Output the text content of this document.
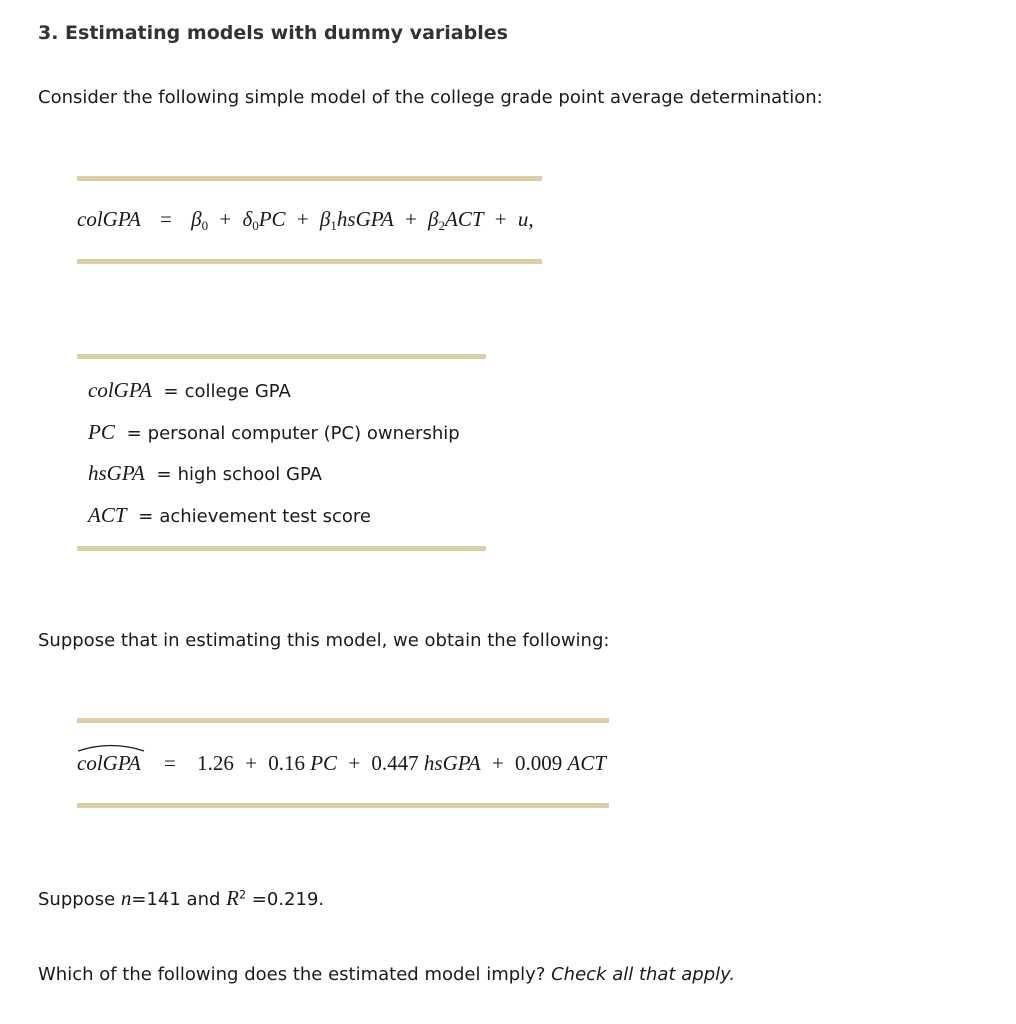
3. Estimating models with dummy variables
Consider the following simple model of the college grade point average determination:
colGPA = $\beta_0 + \delta_0PC$ + $\beta_1hsGPA + \beta_2ACT + u$,
colGPA = college GPA
PC = personal computer (PC) ownership
hsGPA = high school GPA
ACT = achievement test score
Suppose that in estimating this model, we obtain the following:
colGPA = 1.26 + 0.16 PC + 0.447 hsGPA + 0.009 ACT
Suppose n=141 and $R^2 =0.219$.
Which of the following does the estimated model imply? Check all that apply.
